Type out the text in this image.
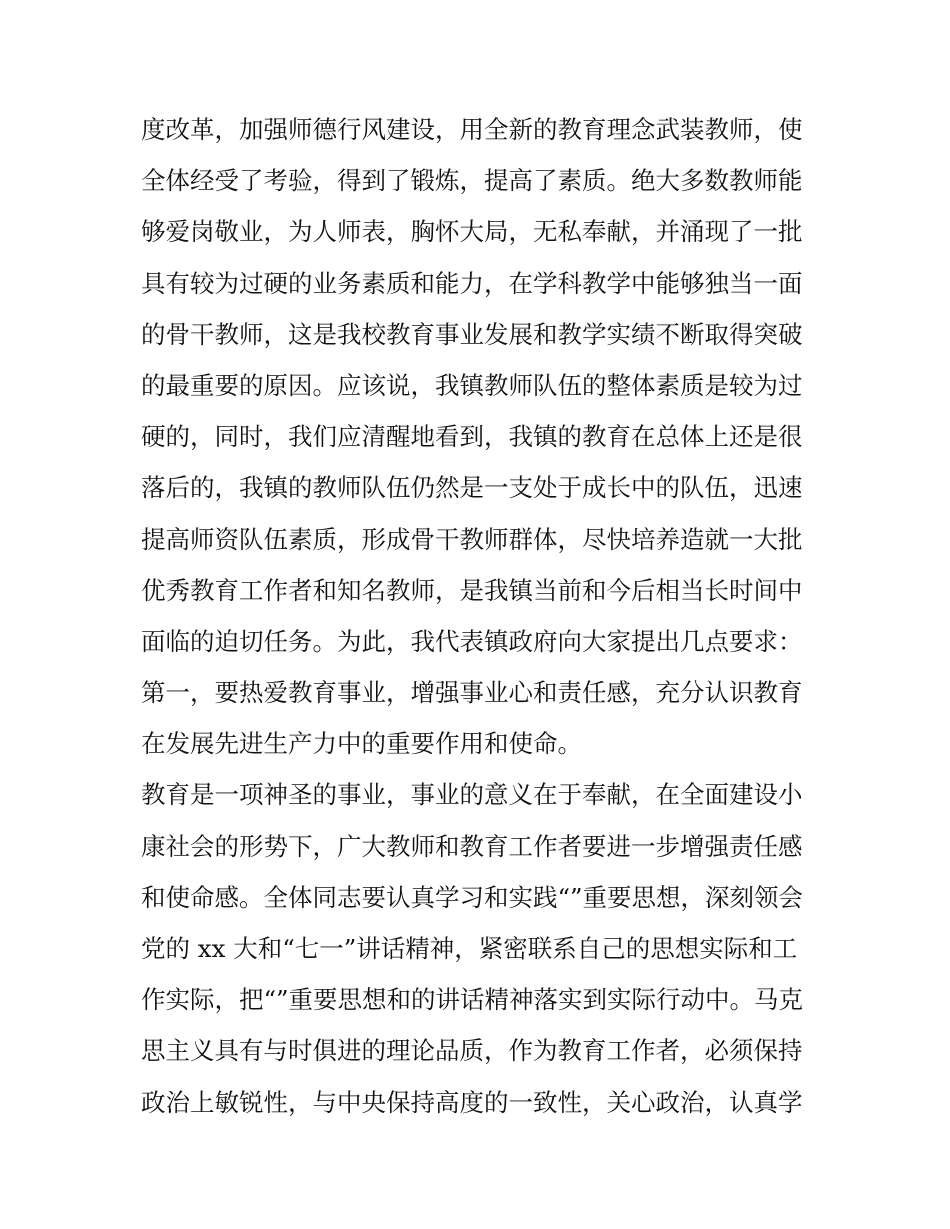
度改革，加强师德行风建设，用全新的教育理念武装教师，使
全体经受了考验，得到了锻炼，提高了素质。绝大多数教师能
够爱岗敬业，为人师表，胸怀大局，无私奉献，并涌现了一批
具有较为过硬的业务素质和能力，在学科教学中能够独当一面
的骨干教师，这是我校教育事业发展和教学实绩不断取得突破
的最重要的原因。应该说，我镇教师队伍的整体素质是较为过
硬的，同时，我们应清醒地看到，我镇的教育在总体上还是很
落后的，我镇的教师队伍仍然是一支处于成长中的队伍，迅速
提高师资队伍素质，形成骨干教师群体，尽快培养造就一大批
优秀教育工作者和知名教师，是我镇当前和今后相当长时间中
面临的迫切任务。为此，我代表镇政府向大家提出几点要求：
第一，要热爱教育事业，增强事业心和责任感，充分认识教育
在发展先进生产力中的重要作用和使命。
教育是一项神圣的事业，事业的意义在于奉献，在全面建设小
康社会的形势下，广大教师和教育工作者要进一步增强责任感
和使命感。全体同志要认真学习和实践“”重要思想，深刻领会
党的 xx 大和“七一”讲话精神，紧密联系自己的思想实际和工
作实际，把“”重要思想和的讲话精神落实到实际行动中。马克
思主义具有与时俱进的理论品质，作为教育工作者，必须保持
政治上敏锐性，与中央保持高度的一致性，关心政治，认真学
